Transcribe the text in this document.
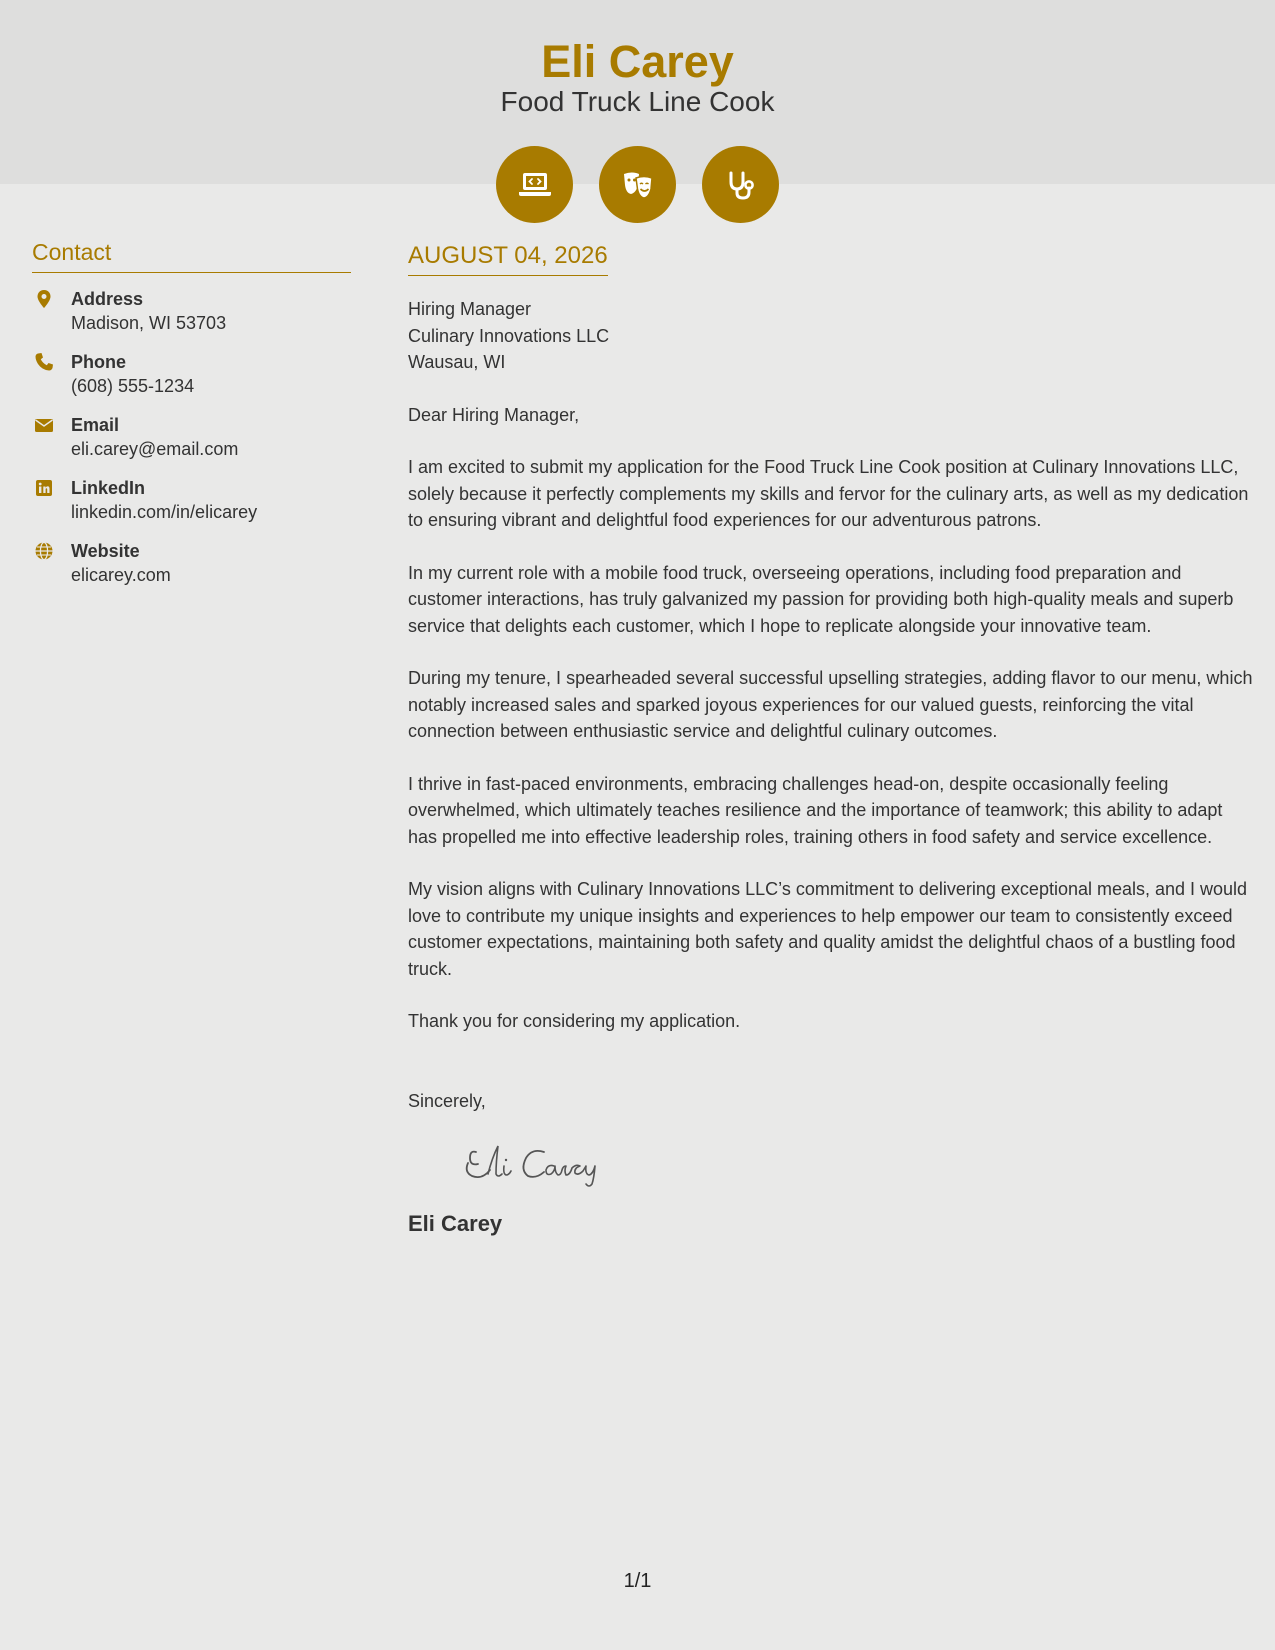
Eli Carey
Food Truck Line Cook
Contact
Address
Madison, WI 53703
Phone
(608) 555-1234
Email
eli.carey@email.com
LinkedIn
linkedin.com/in/elicarey
Website
elicarey.com
AUGUST 04, 2026
Hiring Manager
Culinary Innovations LLC
Wausau, WI
Dear Hiring Manager,
I am excited to submit my application for the Food Truck Line Cook position at Culinary Innovations LLC, solely because it perfectly complements my skills and fervor for the culinary arts, as well as my dedication to ensuring vibrant and delightful food experiences for our adventurous patrons.
In my current role with a mobile food truck, overseeing operations, including food preparation and customer interactions, has truly galvanized my passion for providing both high-quality meals and superb service that delights each customer, which I hope to replicate alongside your innovative team.
During my tenure, I spearheaded several successful upselling strategies, adding flavor to our menu, which notably increased sales and sparked joyous experiences for our valued guests, reinforcing the vital connection between enthusiastic service and delightful culinary outcomes.
I thrive in fast-paced environments, embracing challenges head-on, despite occasionally feeling overwhelmed, which ultimately teaches resilience and the importance of teamwork; this ability to adapt has propelled me into effective leadership roles, training others in food safety and service excellence.
My vision aligns with Culinary Innovations LLC’s commitment to delivering exceptional meals, and I would love to contribute my unique insights and experiences to help empower our team to consistently exceed customer expectations, maintaining both safety and quality amidst the delightful chaos of a bustling food truck.
Thank you for considering my application.
Sincerely,
Eli Carey
1/1
